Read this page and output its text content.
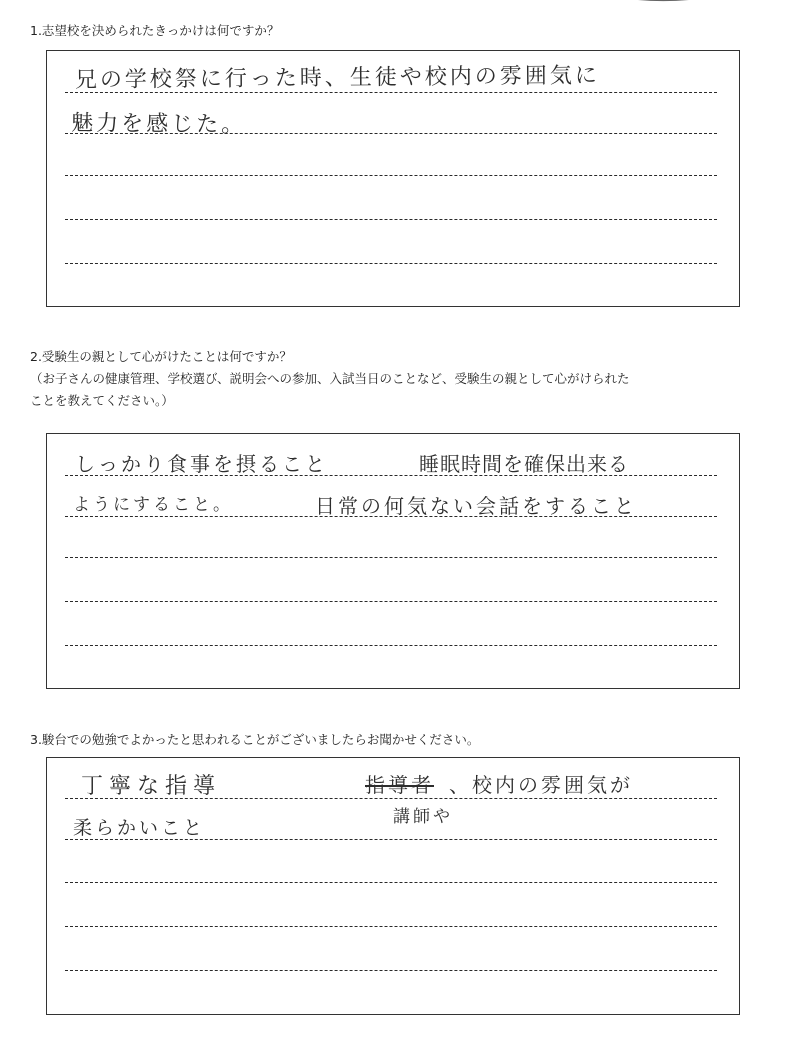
1.志望校を決められたきっかけは何ですか？
兄の学校祭に行った時、生徒や校内の雰囲気に
魅力を感じた。
2.受験生の親として心がけたことは何ですか？
（お子さんの健康管理、学校選び、説明会への参加、入試当日のことなど、受験生の親として心がけられた
ことを教えてください。）
しっかり食事を摂ること	睡眠時間を確保出来る
ようにすること。	日常の何気ない会話をすること
3.駿台での勉強でよかったと思われることがございましたらお聞かせください。
丁寧な指導	指導者 、校内の雰囲気が
柔らかいこと	講師や
